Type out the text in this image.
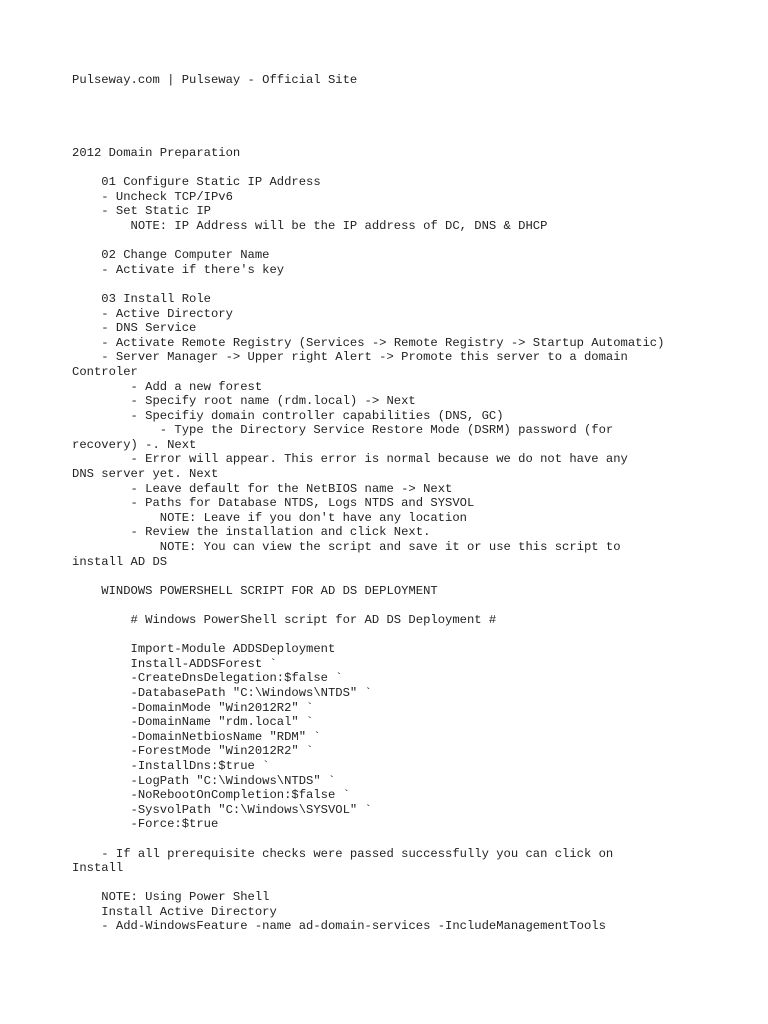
Pulseway.com | Pulseway - Official Site
2012 Domain Preparation

	01 Configure Static IP Address
	- Uncheck TCP/IPv6
	- Set Static IP
		NOTE: IP Address will be the IP address of DC, DNS & DHCP

	02 Change Computer Name
	- Activate if there's key

	03 Install Role
	- Active Directory
	- DNS Service
	- Activate Remote Registry (Services -> Remote Registry -> Startup Automatic)
	- Server Manager -> Upper right Alert -> Promote this server to a domain
Controler
		- Add a new forest
		- Specify root name (rdm.local) -> Next
		- Specifiy domain controller capabilities (DNS, GC)
			- Type the Directory Service Restore Mode (DSRM) password (for
recovery) -. Next
		- Error will appear. This error is normal because we do not have any
DNS server yet. Next
		- Leave default for the NetBIOS name -> Next
		- Paths for Database NTDS, Logs NTDS and SYSVOL
			NOTE: Leave if you don't have any location
		- Review the installation and click Next.
			NOTE: You can view the script and save it or use this script to
install AD DS

	WINDOWS POWERSHELL SCRIPT FOR AD DS DEPLOYMENT

		# Windows PowerShell script for AD DS Deployment #

		Import-Module ADDSDeployment
		Install-ADDSForest `
		-CreateDnsDelegation:$false `
		-DatabasePath "C:\Windows\NTDS" `
		-DomainMode "Win2012R2" `
		-DomainName "rdm.local" `
		-DomainNetbiosName "RDM" `
		-ForestMode "Win2012R2" `
		-InstallDns:$true `
		-LogPath "C:\Windows\NTDS" `
		-NoRebootOnCompletion:$false `
		-SysvolPath "C:\Windows\SYSVOL" `
		-Force:$true

	- If all prerequisite checks were passed successfully you can click on
Install

	NOTE: Using Power Shell
	Install Active Directory
	- Add-WindowsFeature -name ad-domain-services -IncludeManagementTools
